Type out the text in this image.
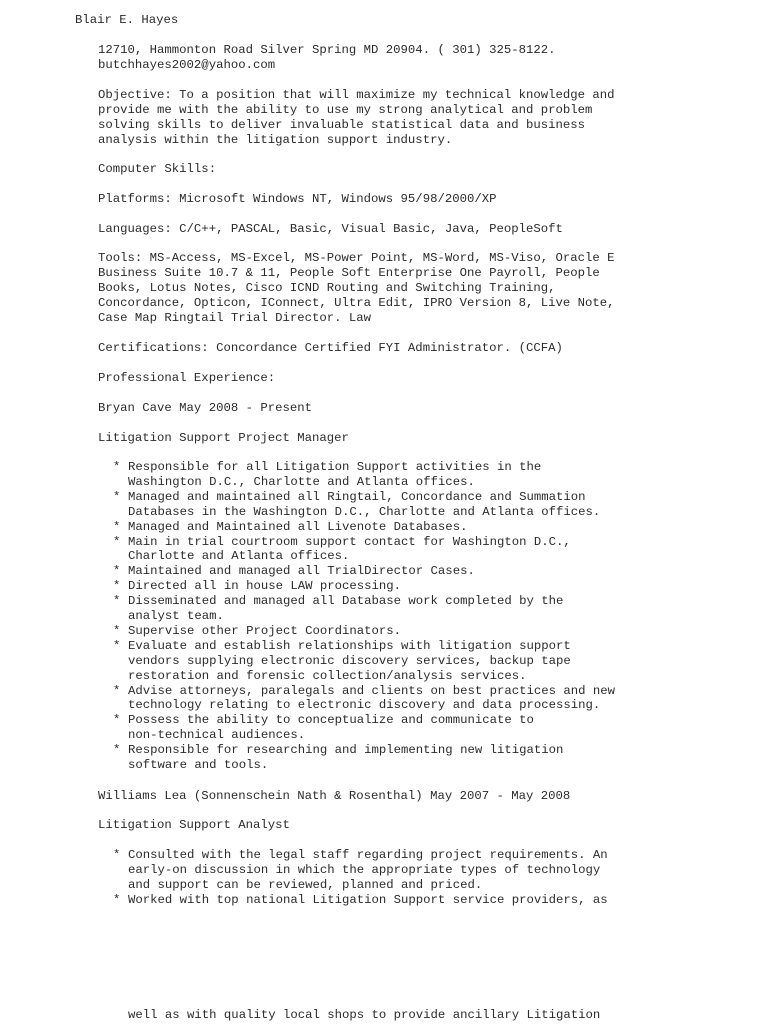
Blair E. Hayes

12710, Hammonton Road Silver Spring MD 20904. ( 301) 325-8122.

butchhayes2002@yahoo.com

Objective: To a position that will maximize my technical knowledge and

provide me with the ability to use my strong analytical and problem

solving skills to deliver invaluable statistical data and business

analysis within the litigation support industry.

Computer Skills:

Platforms: Microsoft Windows NT, Windows 95/98/2000/XP

Languages: C/C++, PASCAL, Basic, Visual Basic, Java, PeopleSoft

Tools: MS-Access, MS-Excel, MS-Power Point, MS-Word, MS-Viso, Oracle E

Business Suite 10.7 & 11, People Soft Enterprise One Payroll, People

Books, Lotus Notes, Cisco ICND Routing and Switching Training,

Concordance, Opticon, IConnect, Ultra Edit, IPRO Version 8, Live Note,

Case Map Ringtail Trial Director. Law

Certifications: Concordance Certified FYI Administrator. (CCFA)

Professional Experience:

Bryan Cave May 2008 - Present

Litigation Support Project Manager

* Responsible for all Litigation Support activities in the
Washington D.C., Charlotte and Atlanta offices.
* Managed and maintained all Ringtail, Concordance and Summation
Databases in the Washington D.C., Charlotte and Atlanta offices.
* Managed and Maintained all Livenote Databases.
* Main in trial courtroom support contact for Washington D.C.,
Charlotte and Atlanta offices.
* Maintained and managed all TrialDirector Cases.
* Directed all in house LAW processing.
* Disseminated and managed all Database work completed by the
analyst team.
* Supervise other Project Coordinators.
* Evaluate and establish relationships with litigation support
vendors supplying electronic discovery services, backup tape
restoration and forensic collection/analysis services.
* Advise attorneys, paralegals and clients on best practices and new
technology relating to electronic discovery and data processing.
* Possess the ability to conceptualize and communicate to
non-technical audiences.
* Responsible for researching and implementing new litigation
software and tools.

Williams Lea (Sonnenschein Nath & Rosenthal) May 2007 - May 2008

Litigation Support Analyst

* Consulted with the legal staff regarding project requirements. An
early-on discussion in which the appropriate types of technology
and support can be reviewed, planned and priced.
* Worked with top national Litigation Support service providers, as

well as with quality local shops to provide ancillary Litigation
